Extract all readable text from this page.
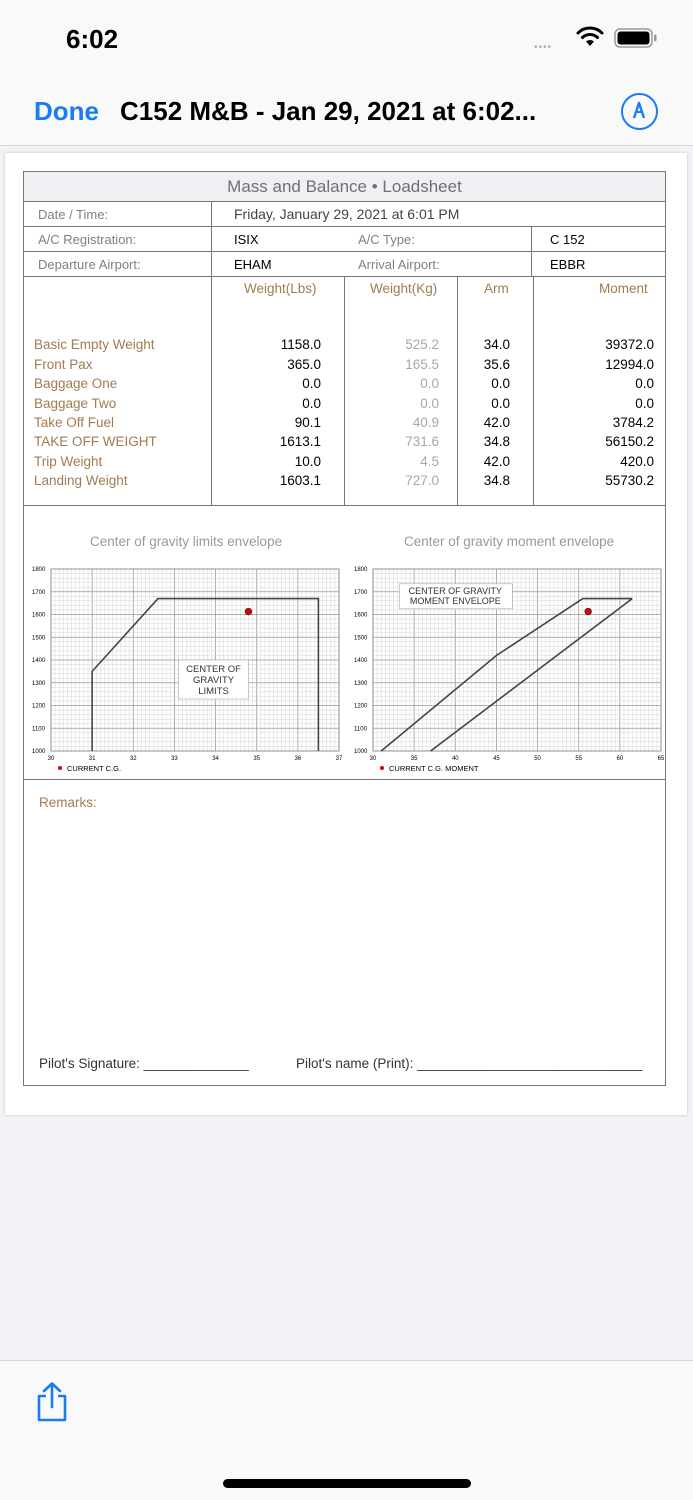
6:02	••••
Done C152 M&B - Jan 29, 2021 at 6:02...
Mass and Balance • Loadsheet
Date / Time:	Friday, January 29, 2021 at 6:01 PM
A/C Registration:	ISIX	A/C Type:	C 152
Departure Airport:	EHAM	Arrival Airport:	EBBR
Weight(Lbs)	Weight(Kg)	Arm	Moment
Basic Empty Weight	1158.0	525.2	34.0	39372.0
Front Pax	365.0	165.5	35.6	12994.0
Baggage One	0.0	0.0	0.0	0.0
Baggage Two	0.0	0.0	0.0	0.0
Take Off Fuel	90.1	40.9	42.0	3784.2
TAKE OFF WEIGHT	1613.1	731.6	34.8	56150.2
Trip Weight	10.0	4.5	42.0	420.0
Landing Weight	1603.1	727.0	34.8	55730.2
Center of gravity limits envelope	Center of gravity moment envelope
1000
1100
1200
1300
1400
1500
1600
1700
1800
30	31	32	33	34	35	36	37
CENTER OF
GRAVITY
LIMITS
CURRENT C.G.
1000
1100
1200
1300
1400
1500
1600
1700
1800
30	35	40	45	50	55	60	65
CENTER OF GRAVITY
MOMENT ENVELOPE
CURRENT C.G. MOMENT
Remarks:
Pilot's Signature: ______________	Pilot's name (Print): ______________________________
